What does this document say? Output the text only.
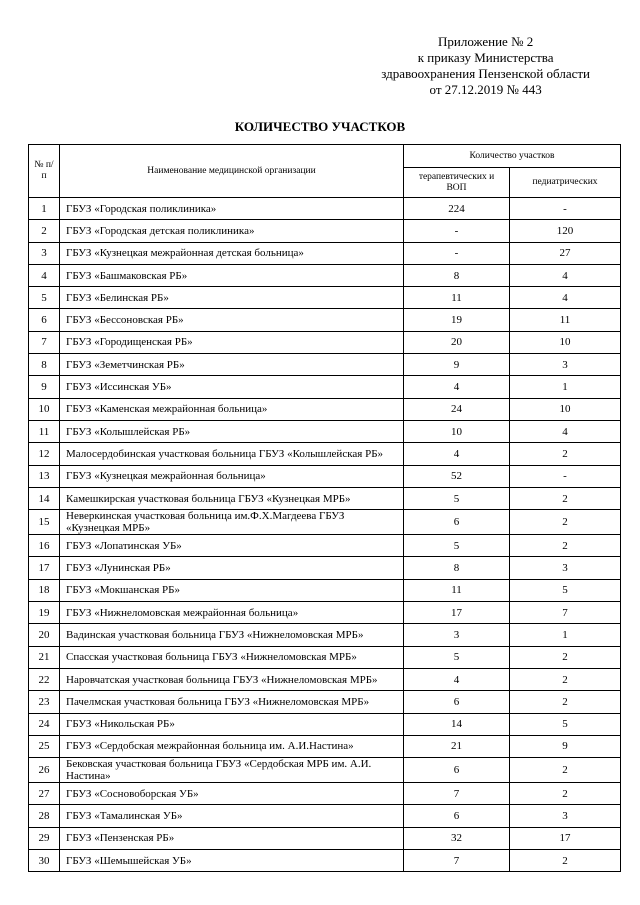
Приложение № 2
к приказу Министерства
здравоохранения Пензенской области
от 27.12.2019 № 443
КОЛИЧЕСТВО УЧАСТКОВ
№ п/п	Наименование медицинской организации	Количество участков	
		терапевтических и ВОП	педиатрических
1	ГБУЗ «Городская поликлиника»	224	-
2	ГБУЗ «Городская детская поликлиника»	-	120
3	ГБУЗ «Кузнецкая межрайонная детская больница»	-	27
4	ГБУЗ «Башмаковская РБ»	8	4
5	ГБУЗ «Белинская РБ»	11	4
6	ГБУЗ «Бессоновская РБ»	19	11
7	ГБУЗ «Городищенская РБ»	20	10
8	ГБУЗ «Земетчинская РБ»	9	3
9	ГБУЗ «Иссинская УБ»	4	1
10	ГБУЗ «Каменская межрайонная больница»	24	10
11	ГБУЗ «Колышлейская РБ»	10	4
12	Малосердобинская участковая больница ГБУЗ «Колышлейская РБ»	4	2
13	ГБУЗ «Кузнецкая межрайонная больница»	52	-
14	Камешкирская участковая больница ГБУЗ «Кузнецкая МРБ»	5	2
15	Неверкинская участковая больница им.Ф.Х.Магдеева ГБУЗ «Кузнецкая МРБ»	6	2
16	ГБУЗ «Лопатинская УБ»	5	2
17	ГБУЗ «Лунинская РБ»	8	3
18	ГБУЗ «Мокшанская РБ»	11	5
19	ГБУЗ «Нижнеломовская межрайонная больница»	17	7
20	Вадинская участковая больница ГБУЗ «Нижнеломовская МРБ»	3	1
21	Спасская участковая больница ГБУЗ «Нижнеломовская МРБ»	5	2
22	Наровчатская участковая больница ГБУЗ «Нижнеломовская МРБ»	4	2
23	Пачелмская участковая больница ГБУЗ «Нижнеломовская МРБ»	6	2
24	ГБУЗ «Никольская РБ»	14	5
25	ГБУЗ «Сердобская межрайонная больница им. А.И.Настина»	21	9
26	Бековская участковая больница ГБУЗ «Сердобская МРБ им. А.И. Настина»	6	2
27	ГБУЗ «Сосновоборская УБ»	7	2
28	ГБУЗ «Тамалинская УБ»	6	3
29	ГБУЗ «Пензенская РБ»	32	17
30	ГБУЗ «Шемышейская УБ»	7	2
